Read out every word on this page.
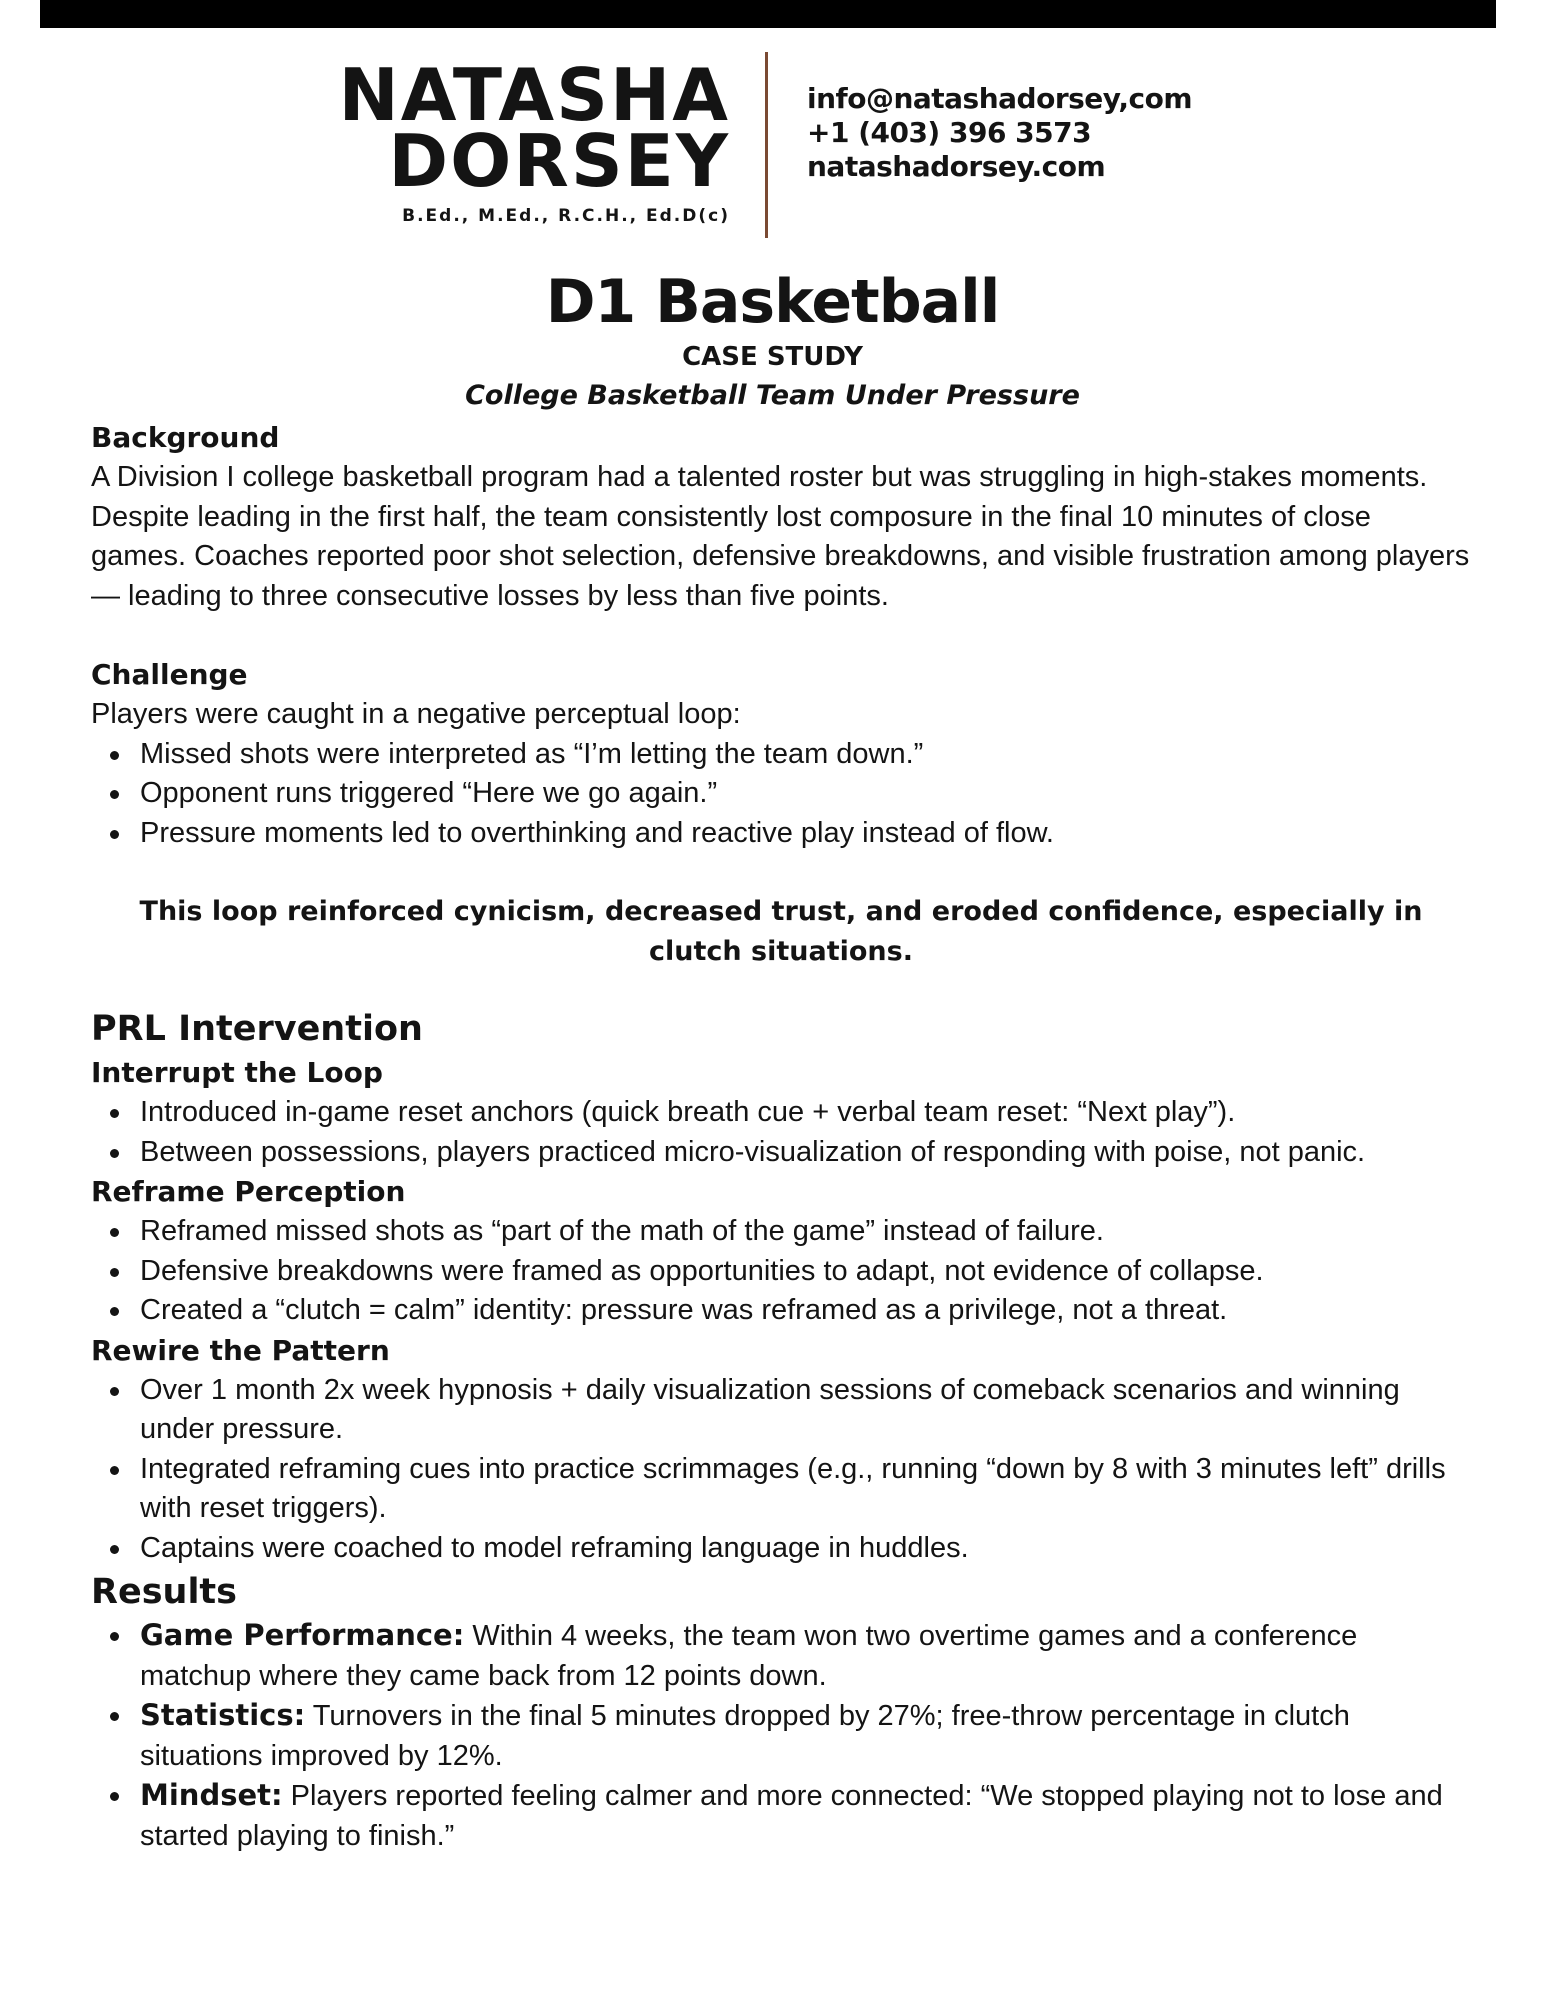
NATASHA
DORSEY
B.Ed., M.Ed., R.C.H., Ed.D(c)
info@natashadorsey,com
+1 (403) 396 3573
natashadorsey.com
D1 Basketball
CASE STUDY
College Basketball Team Under Pressure
Background
A Division I college basketball program had a talented roster but was struggling in high-stakes moments. Despite leading in the first half, the team consistently lost composure in the final 10 minutes of close games. Coaches reported poor shot selection, defensive breakdowns, and visible frustration among players — leading to three consecutive losses by less than five points.
Challenge
Players were caught in a negative perceptual loop:
Missed shots were interpreted as “I’m letting the team down.”
Opponent runs triggered “Here we go again.”
Pressure moments led to overthinking and reactive play instead of flow.
This loop reinforced cynicism, decreased trust, and eroded confidence, especially in clutch situations.
PRL Intervention
Interrupt the Loop
Introduced in-game reset anchors (quick breath cue + verbal team reset: “Next play”).
Between possessions, players practiced micro-visualization of responding with poise, not panic.
Reframe Perception
Reframed missed shots as “part of the math of the game” instead of failure.
Defensive breakdowns were framed as opportunities to adapt, not evidence of collapse.
Created a “clutch = calm” identity: pressure was reframed as a privilege, not a threat.
Rewire the Pattern
Over 1 month 2x week hypnosis + daily visualization sessions of comeback scenarios and winning under pressure.
Integrated reframing cues into practice scrimmages (e.g., running “down by 8 with 3 minutes left” drills with reset triggers).
Captains were coached to model reframing language in huddles.
Results
Game Performance: Within 4 weeks, the team won two overtime games and a conference matchup where they came back from 12 points down.
Statistics: Turnovers in the final 5 minutes dropped by 27%; free-throw percentage in clutch situations improved by 12%.
Mindset: Players reported feeling calmer and more connected: “We stopped playing not to lose and started playing to finish.”
